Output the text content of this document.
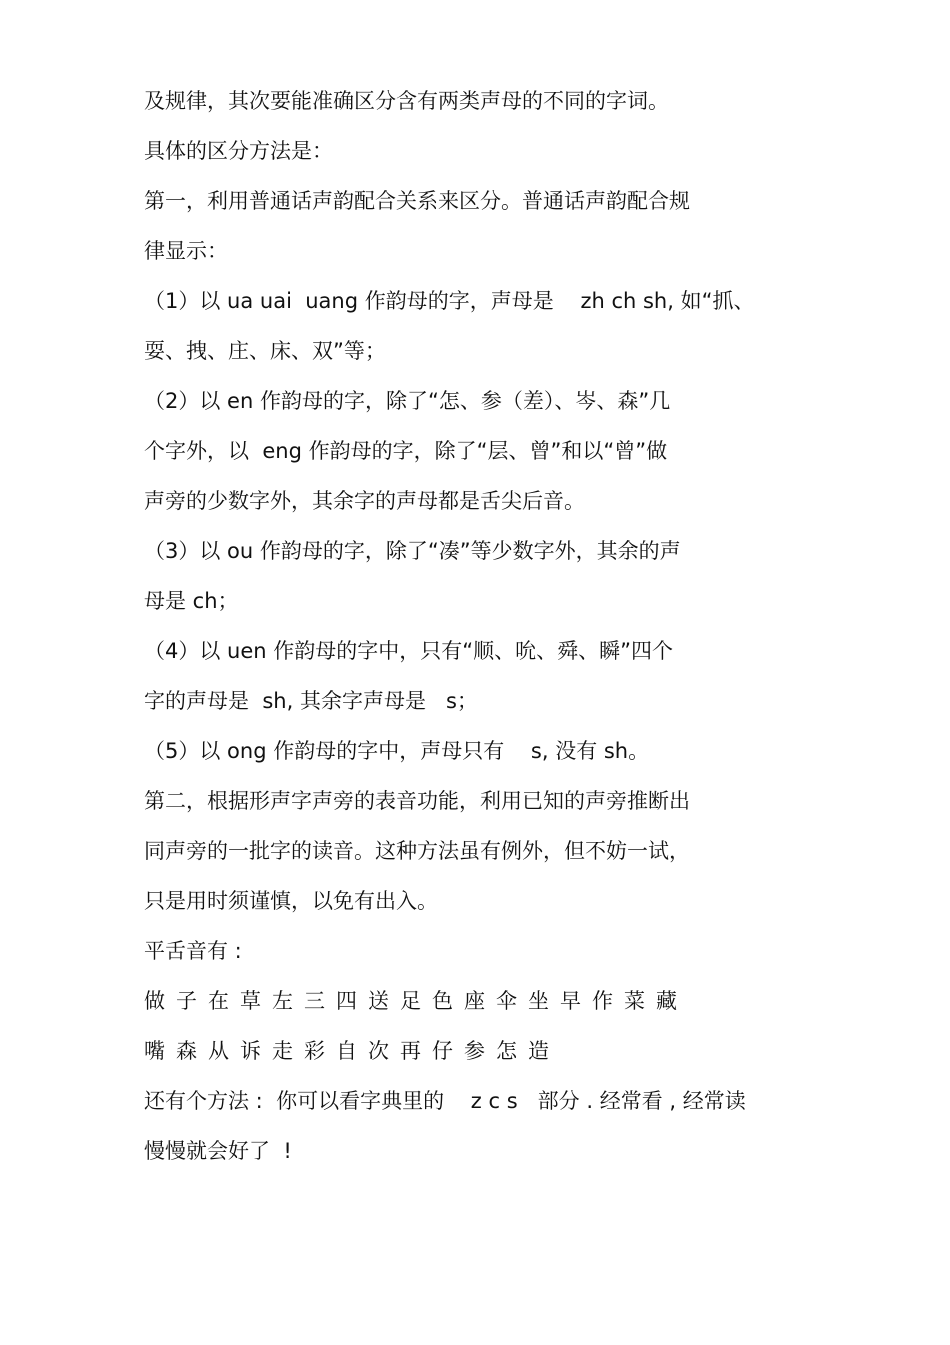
及规律，其次要能准确区分含有两类声母的不同的字词。
具体的区分方法是：
第一，利用普通话声韵配合关系来区分。普通话声韵配合规
律显示：
（1）以 ua uai  uang 作韵母的字，声母是    zh ch sh, 如“抓、
耍、拽、庄、床、双”等；
（2）以 en 作韵母的字，除了“怎、参（差）、岑、森”几
个字外，以  eng 作韵母的字，除了“层、曾”和以“曾”做
声旁的少数字外，其余字的声母都是舌尖后音。
（3）以 ou 作韵母的字，除了“凑”等少数字外，其余的声
母是 ch；
（4）以 uen 作韵母的字中，只有“顺、吮、舜、瞬”四个
字的声母是  sh, 其余字声母是   s；
（5）以 ong 作韵母的字中，声母只有    s, 没有 sh。
第二，根据形声字声旁的表音功能，利用已知的声旁推断出
同声旁的一批字的读音。这种方法虽有例外，但不妨一试，
只是用时须谨慎，以免有出入。
平舌音有 :
做子在草左三四送足色座伞坐早作菜藏
嘴森从诉走彩自次再仔参怎造
还有个方法 :  你可以看字典里的    z c s   部分 . 经常看 , 经常读
慢慢就会好了  !
